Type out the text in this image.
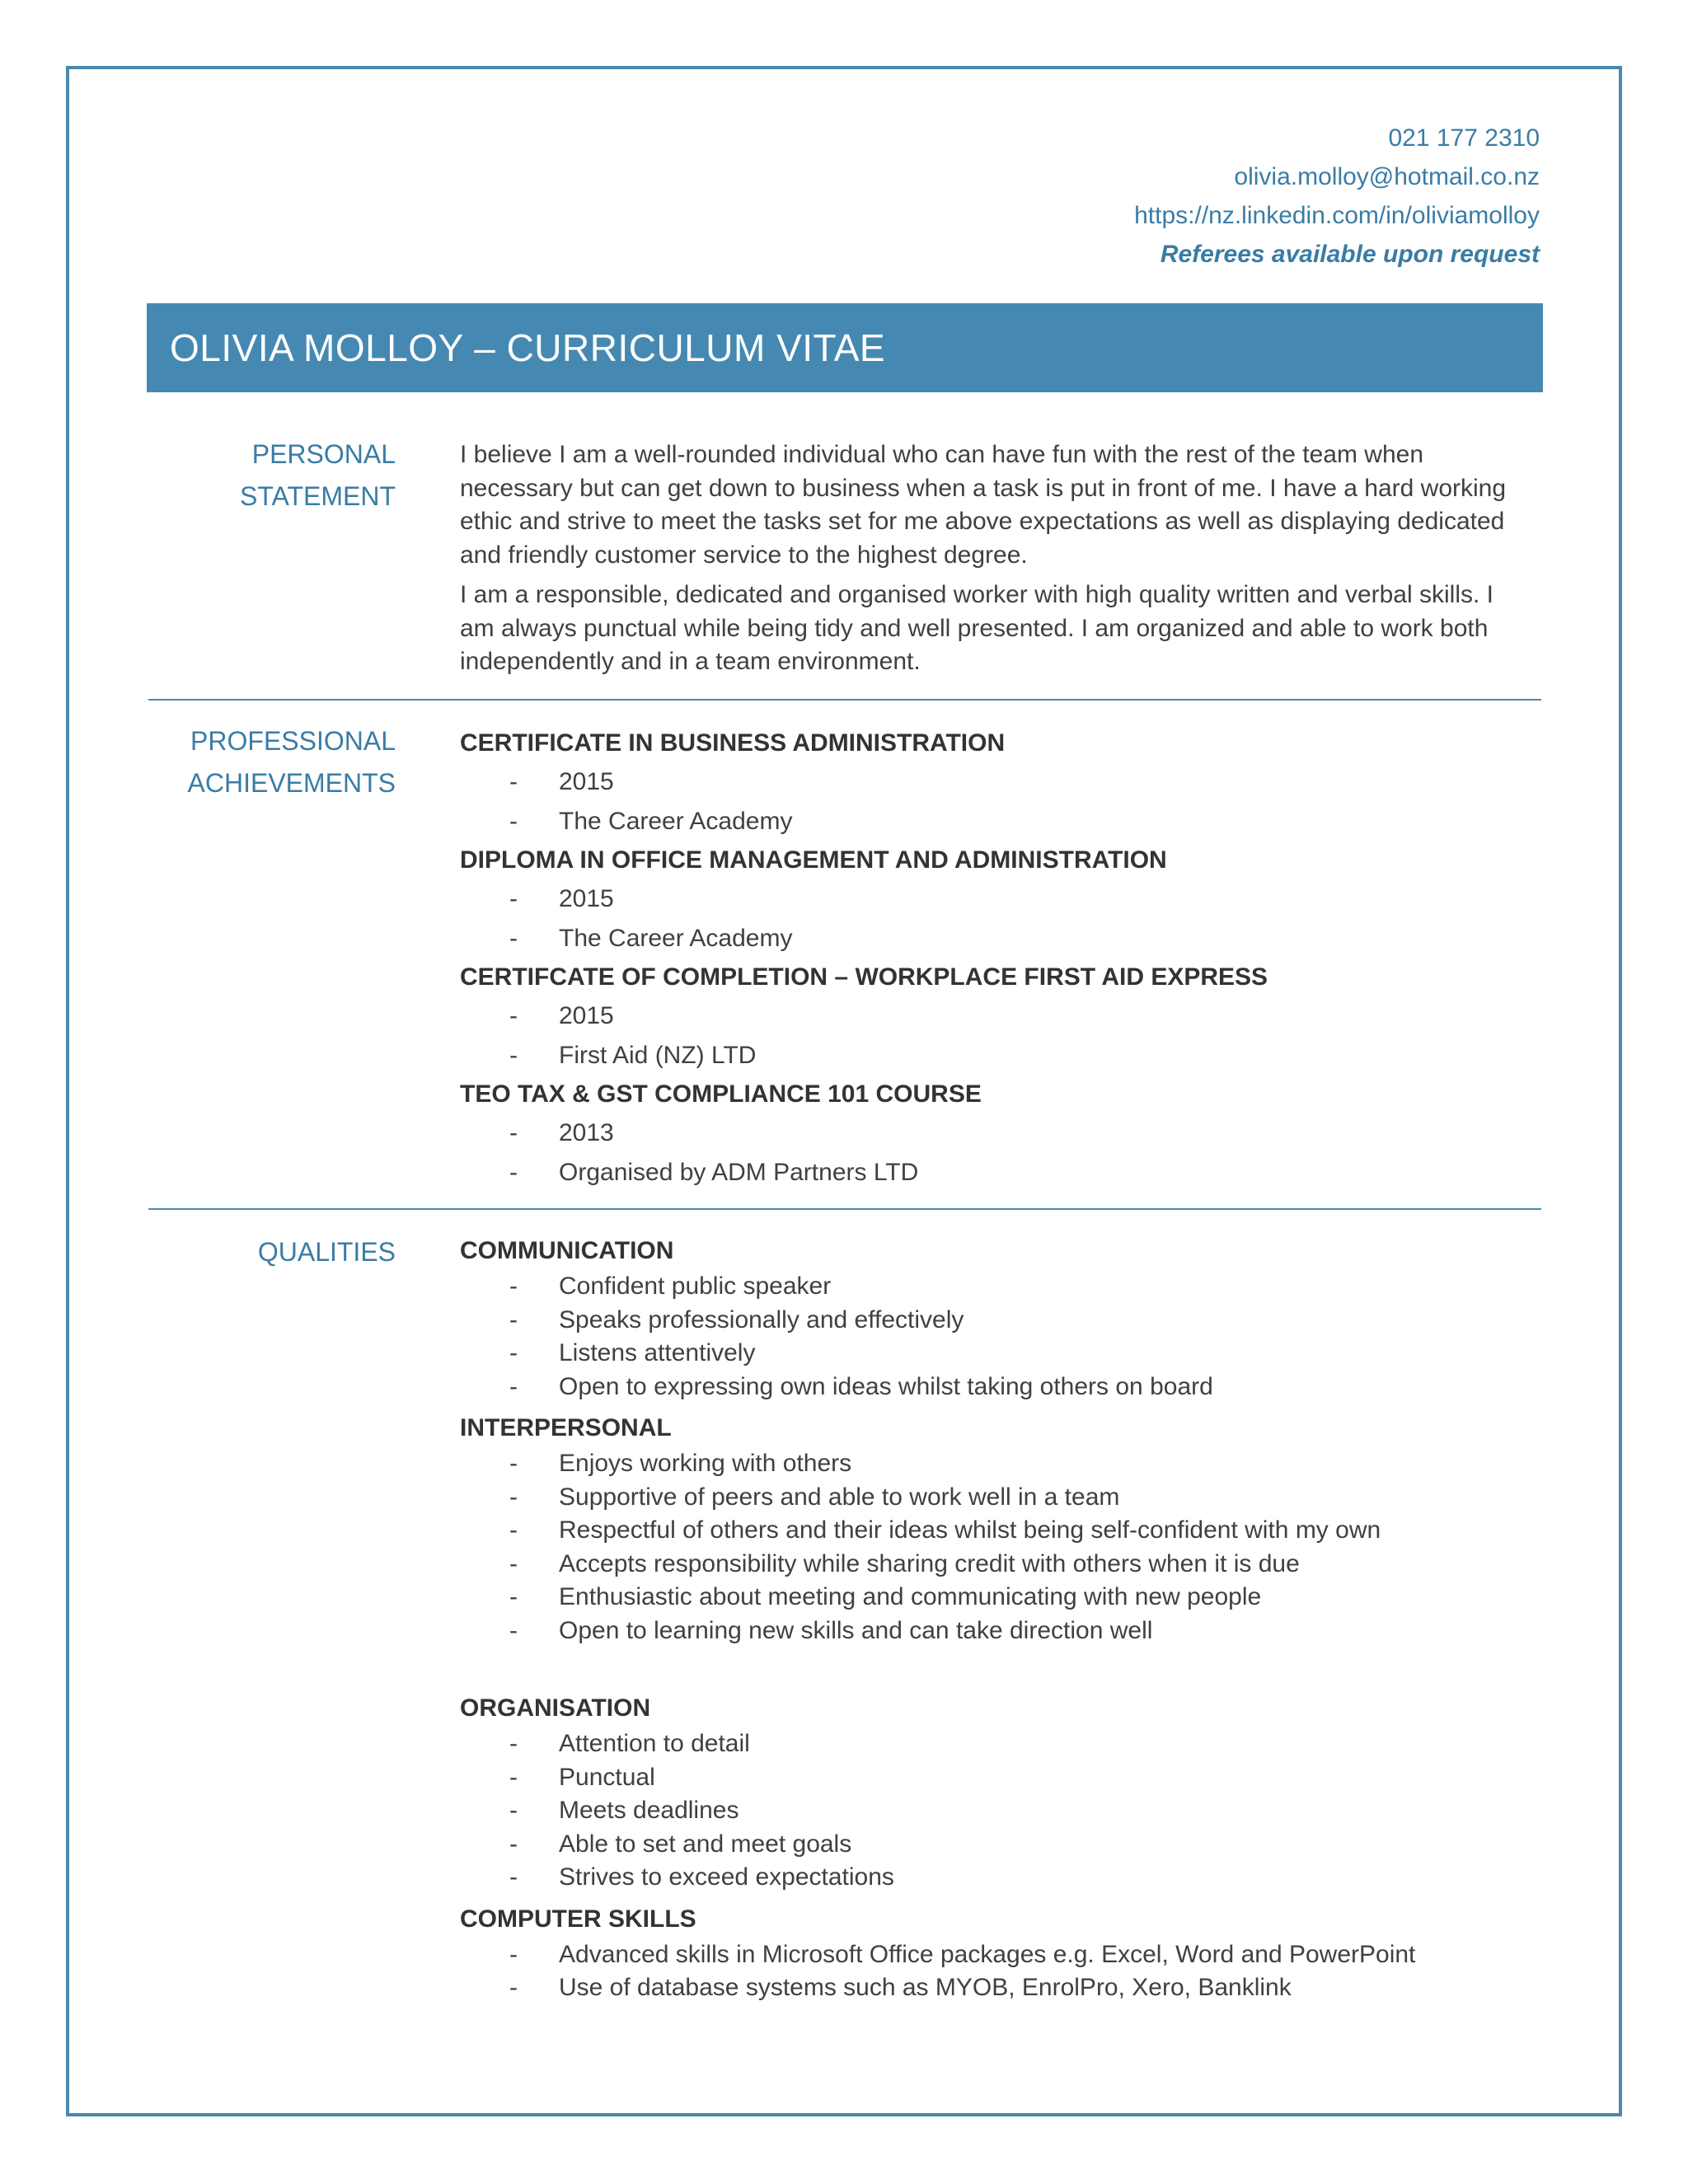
021 177 2310
olivia.molloy@hotmail.co.nz
https://nz.linkedin.com/in/oliviamolloy
Referees available upon request
OLIVIA MOLLOY – CURRICULUM VITAE
PERSONAL
STATEMENT

I believe I am a well-rounded individual who can have fun with the rest of the team when necessary but can get down to business when a task is put in front of me. I have a hard working ethic and strive to meet the tasks set for me above expectations as well as displaying dedicated and friendly customer service to the highest degree.

I am a responsible, dedicated and organised worker with high quality written and verbal skills. I am always punctual while being tidy and well presented. I am organized and able to work both independently and in a team environment.

PROFESSIONAL
ACHIEVEMENTS

CERTIFICATE IN BUSINESS ADMINISTRATION

-	2015
-	The Career Academy

DIPLOMA IN OFFICE MANAGEMENT AND ADMINISTRATION

-	2015
-	The Career Academy

CERTIFCATE OF COMPLETION – WORKPLACE FIRST AID EXPRESS

-	2015
-	First Aid (NZ) LTD

TEO TAX & GST COMPLIANCE 101 COURSE

-	2013
-	Organised by ADM Partners LTD
QUALITIES	COMMUNICATION

-	Confident public speaker
-	Speaks professionally and effectively
-	Listens attentively
-	Open to expressing own ideas whilst taking others on board

INTERPERSONAL

-	Enjoys working with others
-	Supportive of peers and able to work well in a team
-	Respectful of others and their ideas whilst being self-confident with my own
-	Accepts responsibility while sharing credit with others when it is due
-	Enthusiastic about meeting and communicating with new people
-	Open to learning new skills and can take direction well

ORGANISATION

-	Attention to detail
-	Punctual
-	Meets deadlines
-	Able to set and meet goals
-	Strives to exceed expectations

COMPUTER SKILLS

-	Advanced skills in Microsoft Office packages e.g. Excel, Word and PowerPoint
-	Use of database systems such as MYOB, EnrolPro, Xero, Banklink
